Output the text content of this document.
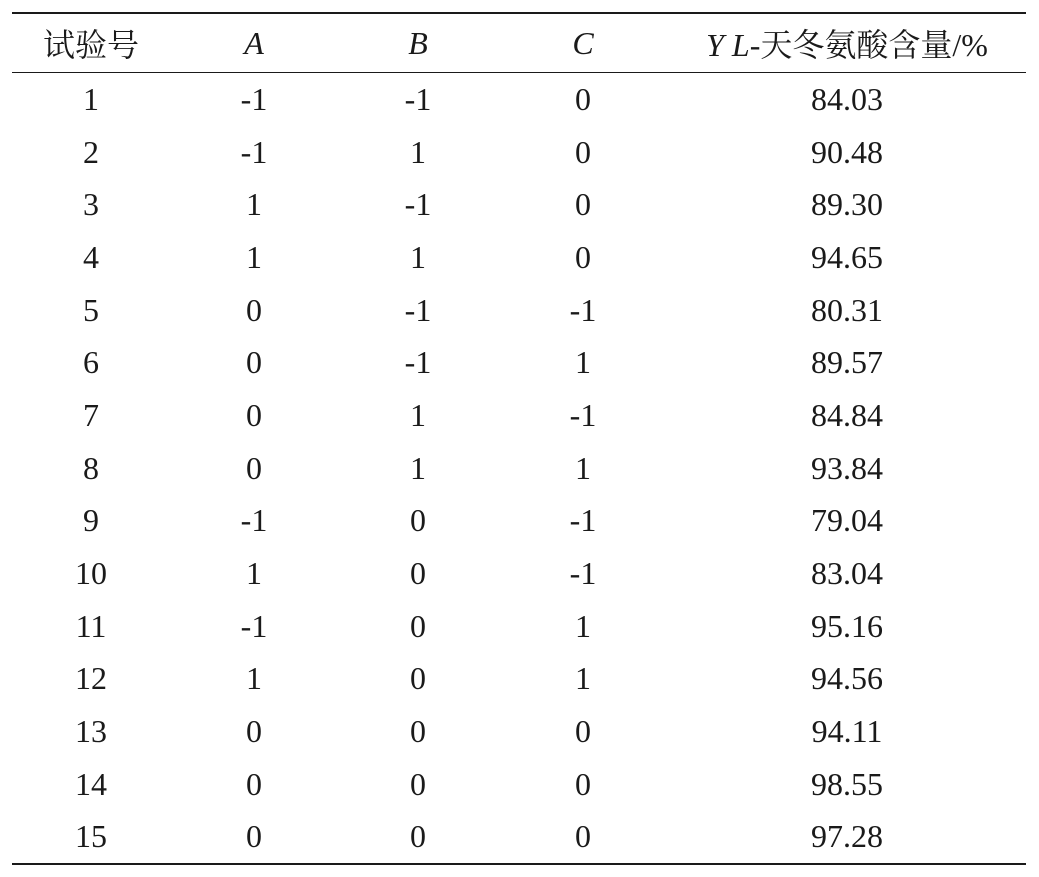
试验号	A	B	C	Y L-天冬氨酸含量/%
1	-1	-1	0	84.03
2	-1	1	0	90.48
3	1	-1	0	89.30
4	1	1	0	94.65
5	0	-1	-1	80.31
6	0	-1	1	89.57
7	0	1	-1	84.84
8	0	1	1	93.84
9	-1	0	-1	79.04
10	1	0	-1	83.04
11	-1	0	1	95.16
12	1	0	1	94.56
13	0	0	0	94.11
14	0	0	0	98.55
15	0	0	0	97.28
